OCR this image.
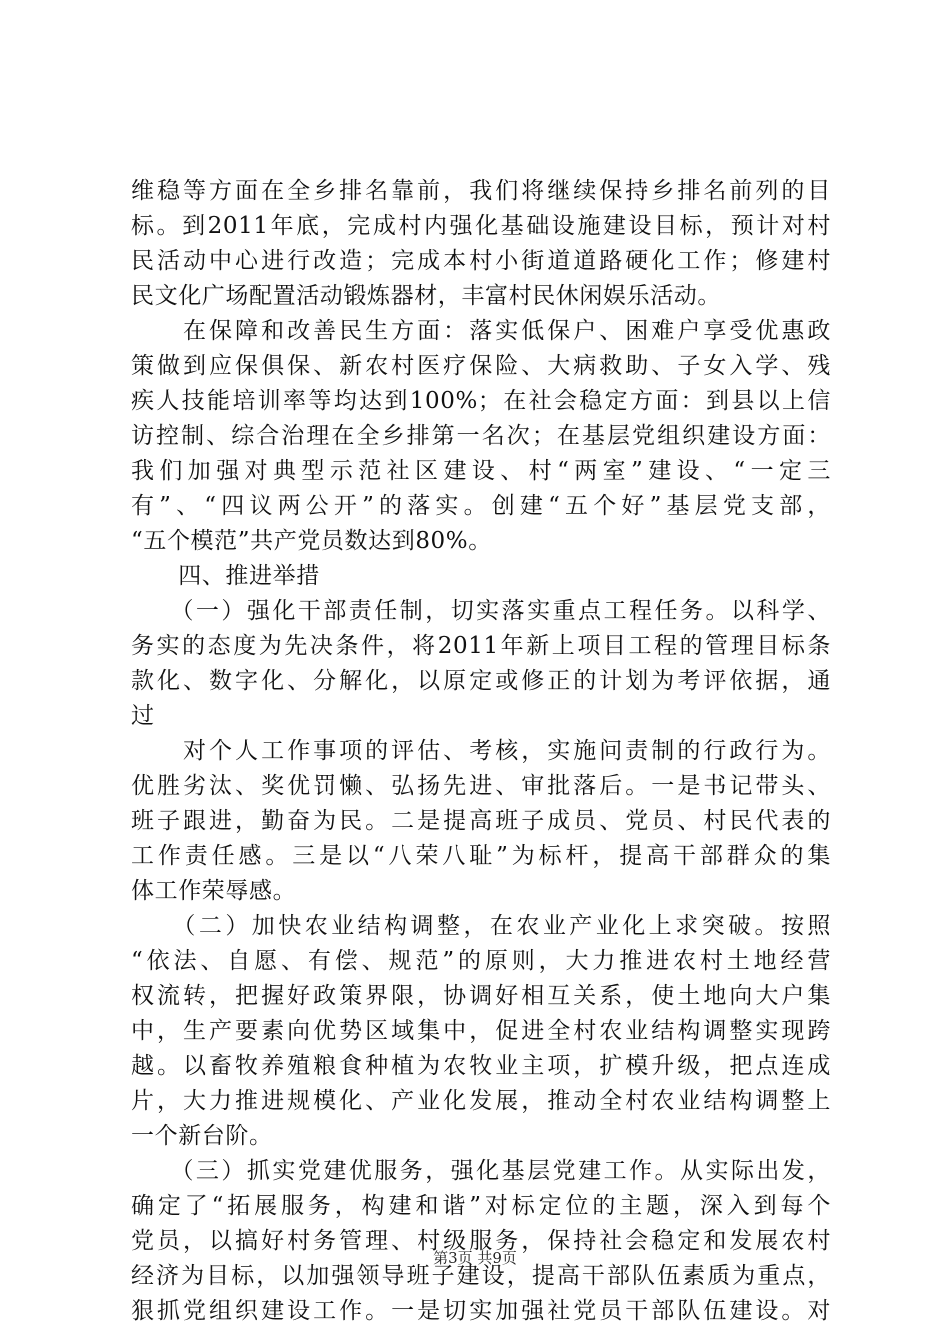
维稳等方面在全乡排名靠前，我们将继续保持乡排名前列的目
标。到2011年底，完成村内强化基础设施建设目标，预计对村
民活动中心进行改造；完成本村小街道道路硬化工作；修建村
民文化广场配置活动锻炼器材，丰富村民休闲娱乐活动。
　　在保障和改善民生方面：落实低保户、困难户享受优惠政
策做到应保俱保、新农村医疗保险、大病救助、子女入学、残
疾人技能培训率等均达到100%；在社会稳定方面：到县以上信
访控制、综合治理在全乡排第一名次；在基层党组织建设方面：
我们加强对典型示范社区建设、村“两室”建设、“一定三
有”、“四议两公开”的落实。创建“五个好”基层党支部，
“五个模范”共产党员数达到80%。
　　四、推进举措
　　（一）强化干部责任制，切实落实重点工程任务。以科学、
务实的态度为先决条件，将2011年新上项目工程的管理目标条
款化、数字化、分解化，以原定或修正的计划为考评依据，通
过
　　对个人工作事项的评估、考核，实施问责制的行政行为。
优胜劣汰、奖优罚懒、弘扬先进、审批落后。一是书记带头、
班子跟进，勤奋为民。二是提高班子成员、党员、村民代表的
工作责任感。三是以“八荣八耻”为标杆，提高干部群众的集
体工作荣辱感。
　　（二）加快农业结构调整，在农业产业化上求突破。按照
“依法、自愿、有偿、规范”的原则，大力推进农村土地经营
权流转，把握好政策界限，协调好相互关系，使土地向大户集
中，生产要素向优势区域集中，促进全村农业结构调整实现跨
越。以畜牧养殖粮食种植为农牧业主项，扩模升级，把点连成
片，大力推进规模化、产业化发展，推动全村农业结构调整上
一个新台阶。
　　（三）抓实党建优服务，强化基层党建工作。从实际出发，
确定了“拓展服务，构建和谐”对标定位的主题，深入到每个
党员，以搞好村务管理、村级服务，保持社会稳定和发展农村
经济为目标，以加强领导班子建设，提高干部队伍素质为重点，
狠抓党组织建设工作。一是切实加强社党员干部队伍建设。对
第3页 共9页
